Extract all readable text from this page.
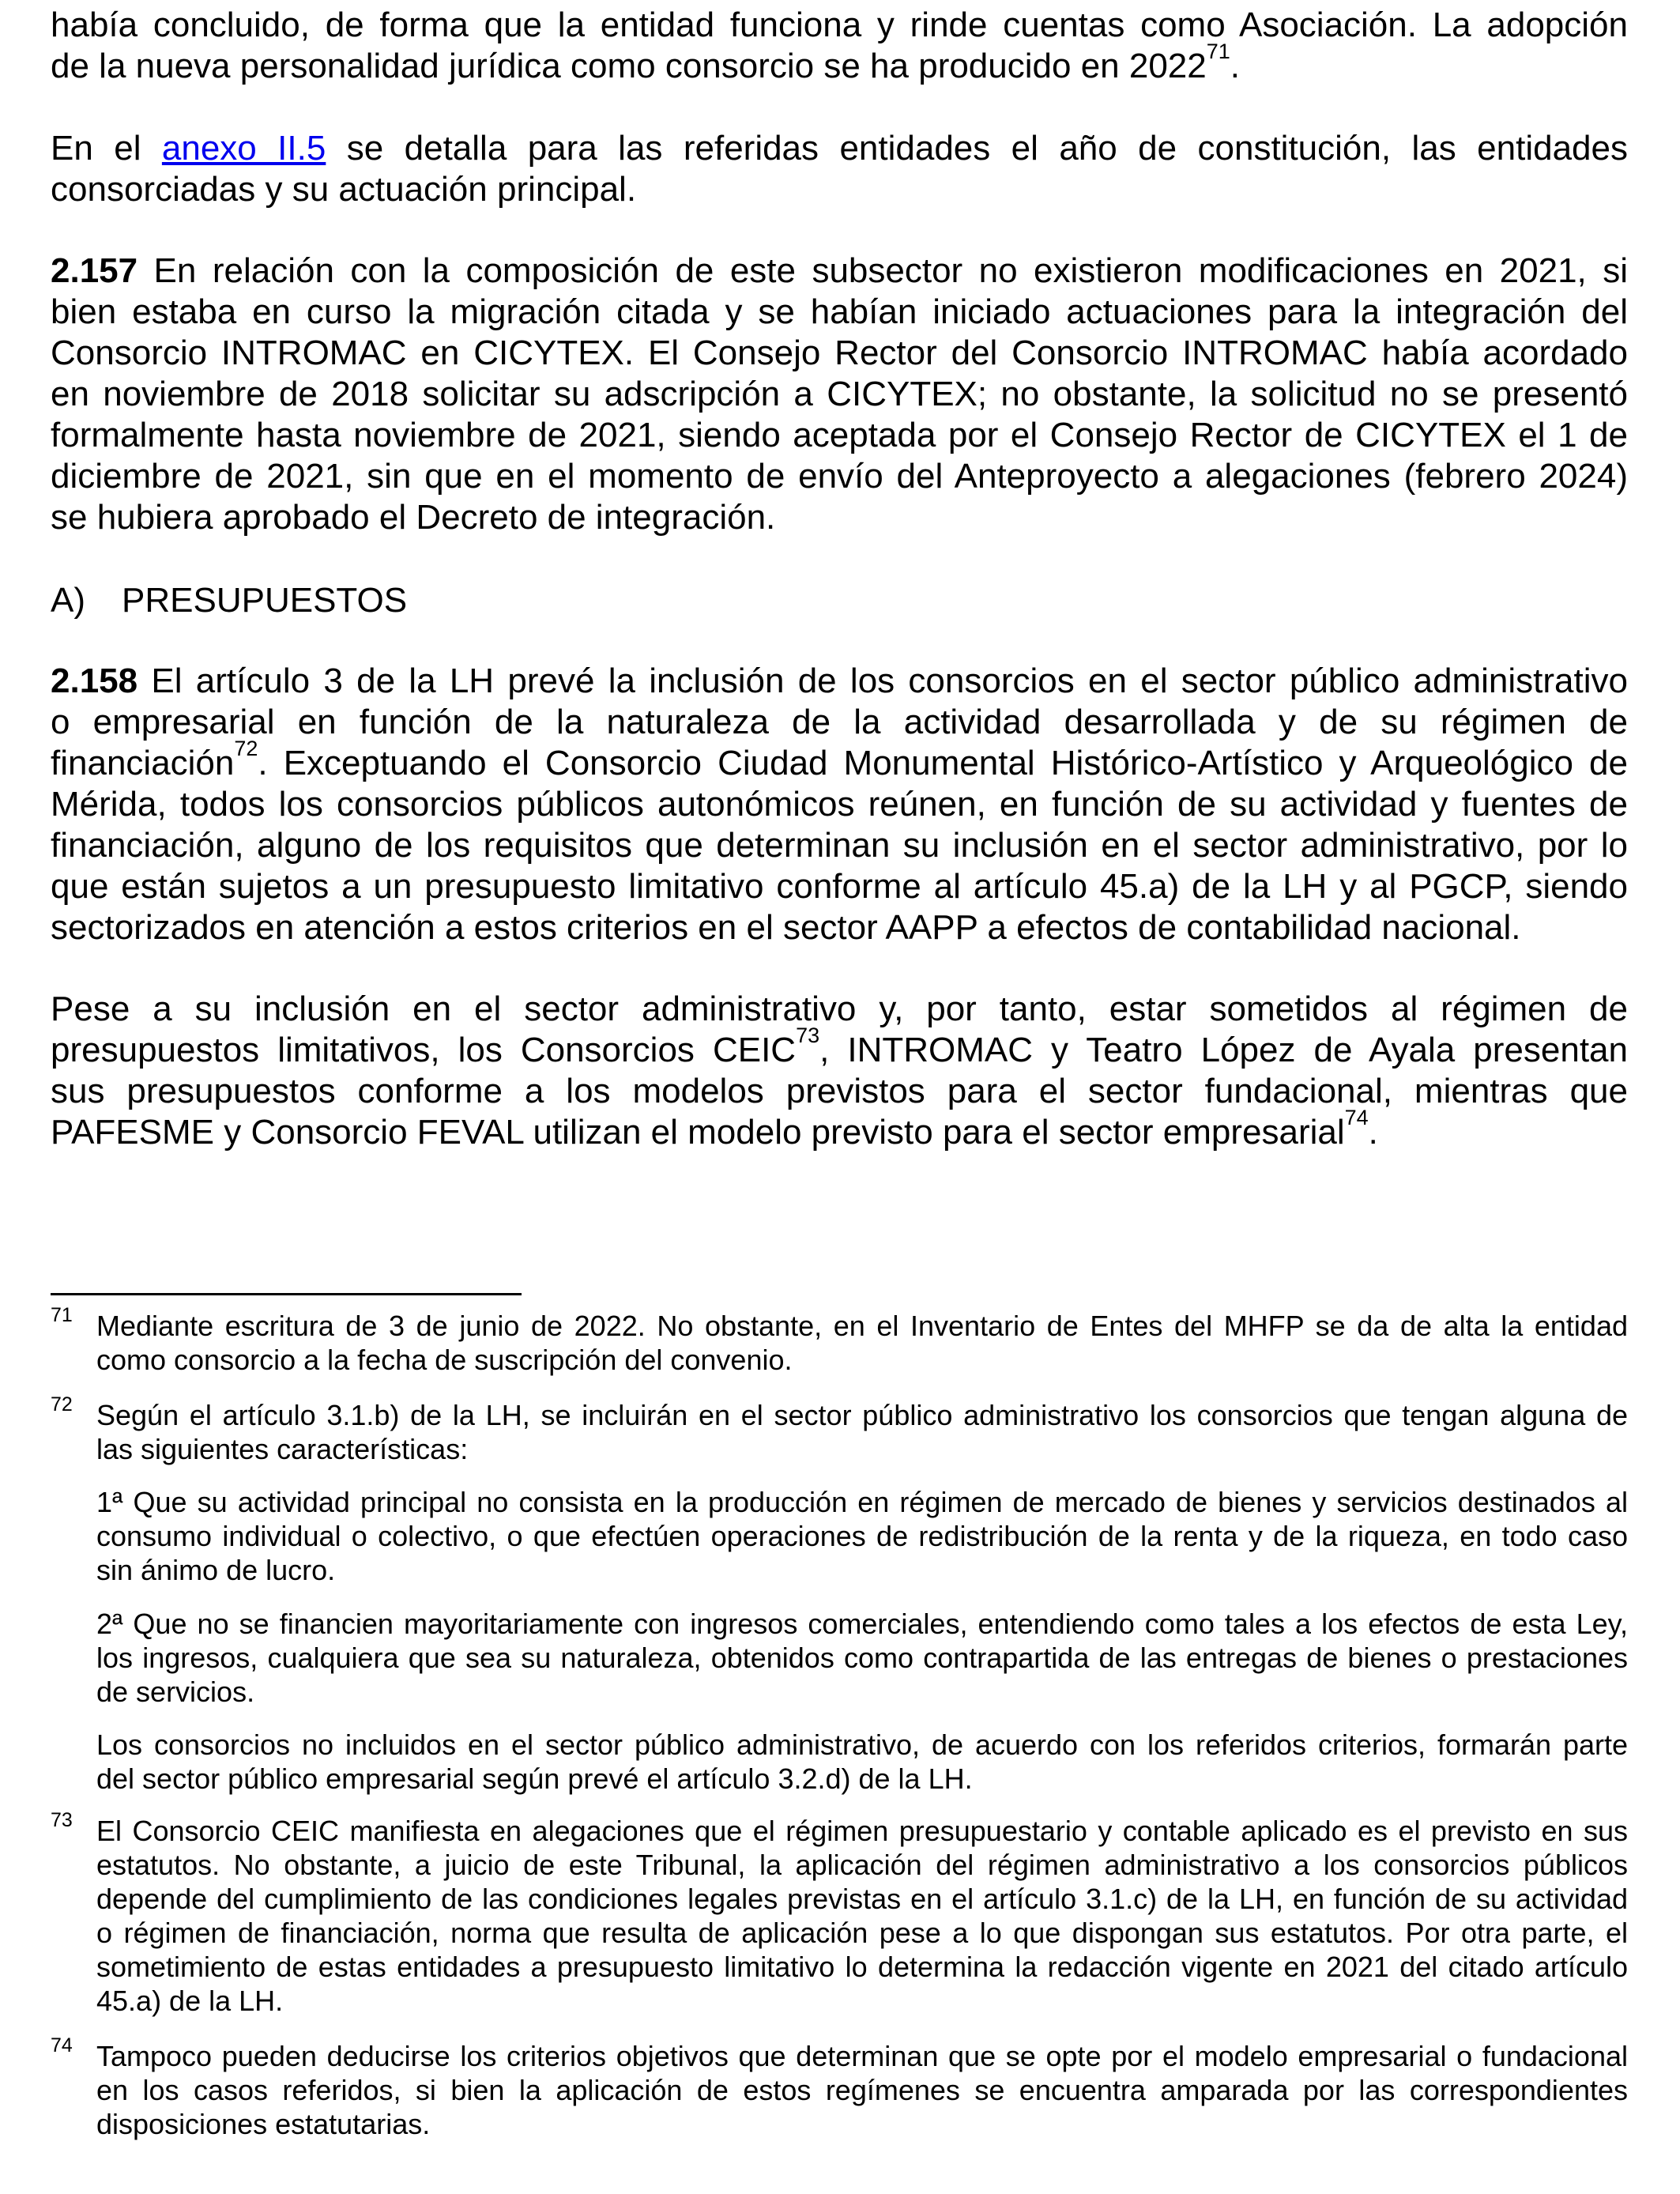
había concluido, de forma que la entidad funciona y rinde cuentas como Asociación. La adopción
de la nueva personalidad jurídica como consorcio se ha producido en 2022$^{71}$.
En el anexo II.5 se detalla para las referidas entidades el año de constitución, las entidades
consorciadas y su actuación principal.
2.157 En relación con la composición de este subsector no existieron modificaciones en 2021, si
bien estaba en curso la migración citada y se habían iniciado actuaciones para la integración del
Consorcio INTROMAC en CICYTEX. El Consejo Rector del Consorcio INTROMAC había acordado
en noviembre de 2018 solicitar su adscripción a CICYTEX; no obstante, la solicitud no se presentó
formalmente hasta noviembre de 2021, siendo aceptada por el Consejo Rector de CICYTEX el 1 de
diciembre de 2021, sin que en el momento de envío del Anteproyecto a alegaciones (febrero 2024)
se hubiera aprobado el Decreto de integración.
2.158 El artículo 3 de la LH prevé la inclusión de los consorcios en el sector público administrativo
o empresarial en función de la naturaleza de la actividad desarrollada y de su régimen de
financiación$^{72}$. Exceptuando el Consorcio Ciudad Monumental Histórico-Artístico y Arqueológico de
Mérida, todos los consorcios públicos autonómicos reúnen, en función de su actividad y fuentes de
financiación, alguno de los requisitos que determinan su inclusión en el sector administrativo, por lo
que están sujetos a un presupuesto limitativo conforme al artículo 45.a) de la LH y al PGCP, siendo
sectorizados en atención a estos criterios en el sector AAPP a efectos de contabilidad nacional.
Pese a su inclusión en el sector administrativo y, por tanto, estar sometidos al régimen de
presupuestos limitativos, los Consorcios CEIC$^{73}$, INTROMAC y Teatro López de Ayala presentan
sus presupuestos conforme a los modelos previstos para el sector fundacional, mientras que
PAFESME y Consorcio FEVAL utilizan el modelo previsto para el sector empresarial$^{74}$.
A) PRESUPUESTOS
71 Mediante escritura de 3 de junio de 2022. No obstante, en el Inventario de Entes del MHFP se da de alta la entidad
como consorcio a la fecha de suscripción del convenio.
72 Según el artículo 3.1.b) de la LH, se incluirán en el sector público administrativo los consorcios que tengan alguna de
las siguientes características:
1ª Que su actividad principal no consista en la producción en régimen de mercado de bienes y servicios destinados al
consumo individual o colectivo, o que efectúen operaciones de redistribución de la renta y de la riqueza, en todo caso
sin ánimo de lucro.
2ª Que no se financien mayoritariamente con ingresos comerciales, entendiendo como tales a los efectos de esta Ley,
los ingresos, cualquiera que sea su naturaleza, obtenidos como contrapartida de las entregas de bienes o prestaciones
de servicios.
Los consorcios no incluidos en el sector público administrativo, de acuerdo con los referidos criterios, formarán parte
del sector público empresarial según prevé el artículo 3.2.d) de la LH.
73 El Consorcio CEIC manifiesta en alegaciones que el régimen presupuestario y contable aplicado es el previsto en sus
estatutos. No obstante, a juicio de este Tribunal, la aplicación del régimen administrativo a los consorcios públicos
depende del cumplimiento de las condiciones legales previstas en el artículo 3.1.c) de la LH, en función de su actividad
o régimen de financiación, norma que resulta de aplicación pese a lo que dispongan sus estatutos. Por otra parte, el
sometimiento de estas entidades a presupuesto limitativo lo determina la redacción vigente en 2021 del citado artículo
45.a) de la LH.
74 Tampoco pueden deducirse los criterios objetivos que determinan que se opte por el modelo empresarial o fundacional
en los casos referidos, si bien la aplicación de estos regímenes se encuentra amparada por las correspondientes
disposiciones estatutarias.
